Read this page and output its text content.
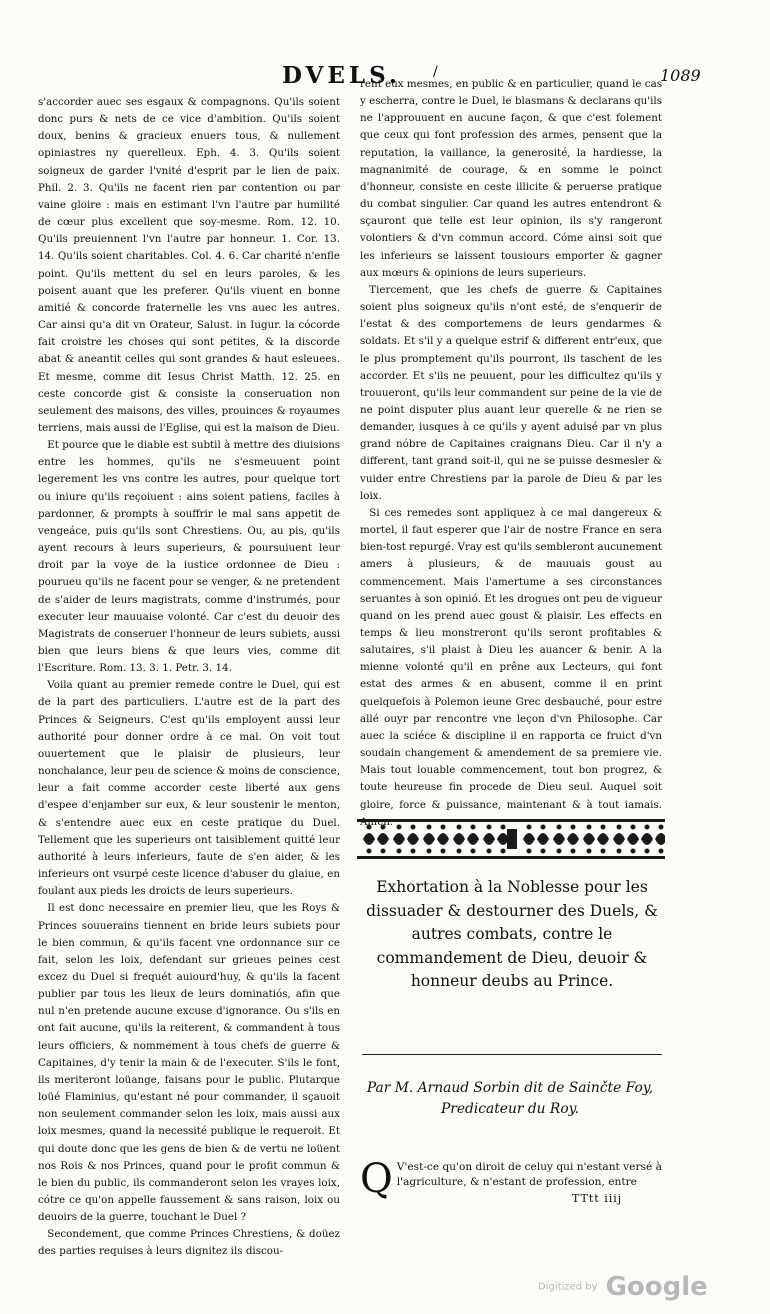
DVELS. /	1089

s'accorder auec ses esgaux & compagnons. Qu'ils soient donc purs & nets de ce vice d'ambition. Qu'ils soient doux, benins & gracieux enuers tous, & nullement opiniastres ny querelleux. Eph. 4. 3. Qu'ils soient soigneux de garder l'vnité d'esprit par le lien de paix. Phil. 2. 3. Qu'ils ne facent rien par contention ou par vaine gloire : mais en estimant l'vn l'autre par humilité de cœur plus excellent que soy-mesme. Rom. 12. 10. Qu'ils preuiennent l'vn l'autre par honneur. 1. Cor. 13. 14. Qu'ils soient charitables. Col. 4. 6. Car charité n'enfle point. Qu'ils mettent du sel en leurs paroles, & les poisent auant que les preferer. Qu'ils viuent en bonne amitié & concorde fraternelle les vns auec les autres. Car ainsi qu'a dit vn Orateur, Salust. in Iugur. la cócorde fait croistre les choses qui sont petites, & la discorde abat & aneantit celles qui sont grandes & haut esleuees. Et mesme, comme dit Iesus Christ Matth. 12. 25. en ceste concorde gist & consiste la conseruation non seulement des maisons, des villes, prouinces & royaumes terriens, mais aussi de l'Eglise, qui est la maison de Dieu.

Et pource que le diable est subtil à mettre des diuisions entre les hommes, qu'ils ne s'esmeuuent point legerement les vns contre les autres, pour quelque tort ou iniure qu'ils reçoiuent : ains soient patiens, faciles à pardonner, & prompts à souffrir le mal sans appetit de vengeáce, puis qu'ils sont Chrestiens. Ou, au pis, qu'ils ayent recours à leurs superieurs, & poursuiuent leur droit par la voye de la iustice ordonnee de Dieu : pourueu qu'ils ne facent pour se venger, & ne pretendent de s'aider de leurs magistrats, comme d'instrumés, pour executer leur mauuaise volonté. Car c'est du deuoir des Magistrats de conseruer l'honneur de leurs subiets, aussi bien que leurs biens & que leurs vies, comme dit l'Escriture. Rom. 13. 3. 1. Petr. 3. 14.

Voila quant au premier remede contre le Duel, qui est de la part des particuliers. L'autre est de la part des Princes & Seigneurs. C'est qu'ils employent aussi leur authorité pour donner ordre à ce mal. On voit tout ouuertement que le plaisir de plusieurs, leur nonchalance, leur peu de science & moins de conscience, leur a fait comme accorder ceste liberté aux gens d'espee d'enjamber sur eux, & leur soustenir le menton, & s'entendre auec eux en ceste pratique du Duel. Tellement que les superieurs ont taisiblement quitté leur authorité à leurs inferieurs, faute de s'en aider, & les inferieurs ont vsurpé ceste licence d'abuser du glaiue, en foulant aux pieds les droicts de leurs superieurs.

Il est donc necessaire en premier lieu, que les Roys & Princes souuerains tiennent en bride leurs subiets pour le bien commun, & qu'ils facent vne ordonnance sur ce fait, selon les loix, defendant sur grieues peines cest excez du Duel si frequét auiourd'huy, & qu'ils la facent publier par tous les lieux de leurs dominatiós, afin que nul n'en pretende aucune excuse d'ignorance. Ou s'ils en ont fait aucune, qu'ils la reiterent, & commandent à tous leurs officiers, & nommement à tous chefs de guerre & Capitaines, d'y tenir la main & de l'executer. S'ils le font, ils meriteront loüange, faisans pour le public. Plutarque loüé Flaminius, qu'estant né pour commander, il sçauoit non seulement commander selon les loix, mais aussi aux loix mesmes, quand la necessité publique le requeroit. Et qui doute donc que les gens de bien & de vertu ne loüent nos Rois & nos Princes, quand pour le profit commun & le bien du public, ils commanderont selon les vrayes loix, cótre ce qu'on appelle faussement & sans raison, loix ou deuoirs de la guerre, touchant le Duel ?

Secondement, que comme Princes Chrestiens, & doüez des parties requises à leurs dignitez ils discou-

rent eux mesmes, en public & en particulier, quand le cas y escherra, contre le Duel, le blasmans & declarans qu'ils ne l'approuuent en aucune façon, & que c'est folement que ceux qui font profession des armes, pensent que la reputation, la vaillance, la generosité, la hardiesse, la magnanimité de courage, & en somme le poinct d'honneur, consiste en ceste illicite & peruerse pratique du combat singulier. Car quand les autres entendront & sçauront que telle est leur opinion, ils s'y rangeront volontiers & d'vn commun accord. Cóme ainsi soit que les inferieurs se laissent tousiours emporter & gagner aux mœurs & opinions de leurs superieurs.

Tiercement, que les chefs de guerre & Capitaines soient plus soigneux qu'ils n'ont esté, de s'enquerir de l'estat & des comportemens de leurs gendarmes & soldats. Et s'il y a quelque estrif & different entr'eux, que le plus promptement qu'ils pourront, ils taschent de les accorder. Et s'ils ne peuuent, pour les difficultez qu'ils y trouueront, qu'ils leur commandent sur peine de la vie de ne point disputer plus auant leur querelle & ne rien se demander, iusques à ce qu'ils y ayent aduisé par vn plus grand nóbre de Capitaines craignans Dieu. Car il n'y a different, tant grand soit-il, qui ne se puisse desmesler & vuider entre Chrestiens par la parole de Dieu & par les loix.

Si ces remedes sont appliquez à ce mal dangereux & mortel, il faut esperer que l'air de nostre France en sera bien-tost repurgé. Vray est qu'ils sembleront aucunement amers à plusieurs, & de mauuais goust au commencement. Mais l'amertume a ses circonstances seruantes à son opinió. Et les drogues ont peu de vigueur quand on les prend auec goust & plaisir. Les effects en temps & lieu monstreront qu'ils seront profitables & salutaires, s'il plaist à Dieu les auancer & benir. A la mienne volonté qu'il en prêne aux Lecteurs, qui font estat des armes & en abusent, comme il en print quelquefois à Polemon ieune Grec desbauché, pour estre allé ouyr par rencontre vne leçon d'vn Philosophe. Car auec la sciéce & discipline il en rapporta ce fruict d'vn soudain changement & amendement de sa premiere vie. Mais tout louable commencement, tout bon progrez, & toute heureuse fin procede de Dieu seul. Auquel soit gloire, force & puissance, maintenant & à tout iamais.

Exhortation à la Noblesse pour les dissuader & destourner des Duels, & autres combats, contre le commandement de Dieu, deuoir & honneur deubs au Prince.
Par M. Arnaud Sorbin dit de Sainčte Foy, Predicateur du Roy.
Q V'est-ce qu'on diroit de celuy qui n'estant versé à l'agriculture, & n'estant de profession, entre
TTtt iiij
Digitized by Google
